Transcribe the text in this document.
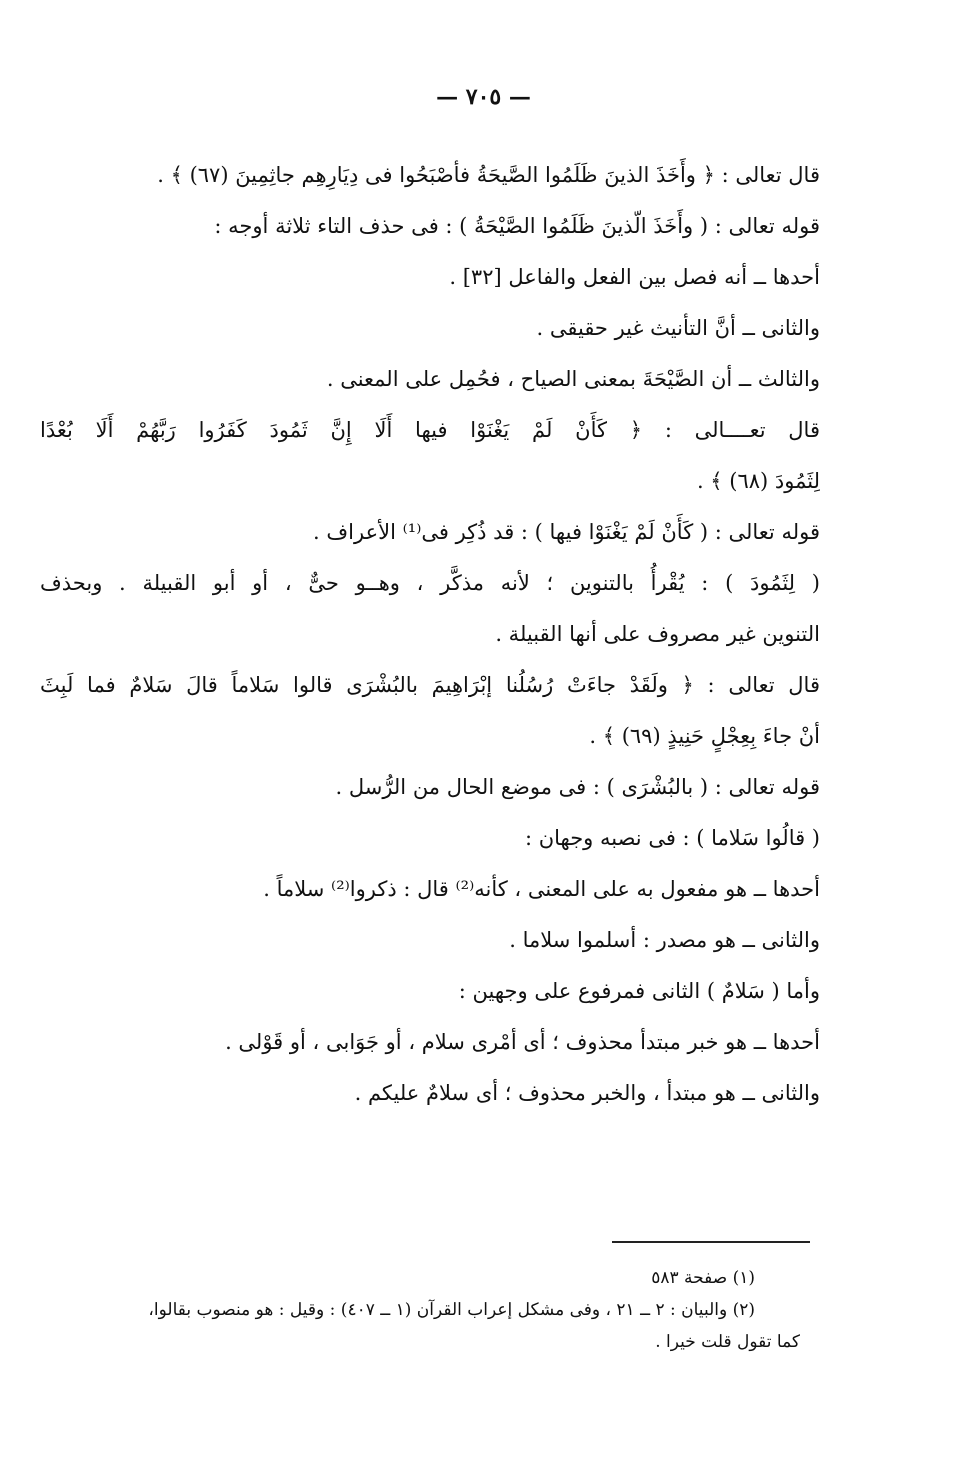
— ٧٠٥ —
قال تعالى : ﴿ وأَخَذَ الذينَ ظَلَمُوا الصَّيحَةُ فأصْبَحُوا فى دِيَارِهِم جاثِمِينَ (٦٧) ﴾ .
قوله تعالى : ( وأَخَذَ الّذينَ ظَلَمُوا الصَّيْحَةُ ) : فى حذف التاء ثلاثة أوجه :
أحدها ــ أنه فصل بين الفعل والفاعل [٣٢] .
والثانى ــ أنَّ التأنيث غير حقيقى .
والثالث ــ أن الصَّيْحَةَ بمعنى الصياح ، فحُمِل على المعنى .
قال تعــــالى : ﴿ كَأَنْ لَمْ يَغْنَوْا فيها أَلَا إِنَّ ثَمُودَ كَفَرُوا رَبَّهُمْ أَلَا بُعْدًا
لِثَمُودَ (٦٨) ﴾ .
قوله تعالى : ( كَأَنْ لَمْ يَغْنَوْا فيها ) : قد ذُكِر فى⁽¹⁾ الأعراف .
( لِثَمُودَ ) : يُقْرأُ بالتنوين ؛ لأنه مذكَّر ، وهــو حىٌّ ، أو أبو القبيلة . وبحذف
التنوين غير مصروف على أنها القبيلة .
قال تعالى : ﴿ ولَقَدْ جاءَتْ رُسُلُنا إبْرَاهِيمَ بالبُشْرَى قالوا سَلاماً قالَ سَلامٌ فما لَبِثَ
أنْ جاءَ بِعِجْلٍ حَنِيذٍ (٦٩) ﴾ .
قوله تعالى : ( بالبُشْرَى ) : فى موضع الحال من الرُّسل .
( قالُوا سَلاما ) : فى نصبه وجهان :
أحدها ــ هو مفعول به على المعنى ، كأنه⁽²⁾ قال : ذكروا⁽²⁾ سلاماً .
والثانى ــ هو مصدر : أسلموا سلاما .
وأما ( سَلامٌ ) الثانى فمرفوع على وجهين :
أحدها ــ هو خبر مبتدأ محذوف ؛ أى أمْرى سلام ، أو جَوَابى ، أو قَوْلى .
والثانى ــ هو مبتدأ ، والخبر محذوف ؛ أى سلامٌ عليكم .
(١) صفحة ٥٨٣
(٢) والبيان : ٢ ــ ٢١ ، وفى مشكل إعراب القرآن (١ ــ ٤٠٧) : وقيل : هو منصوب بقالوا،
كما تقول قلت خيرا .
